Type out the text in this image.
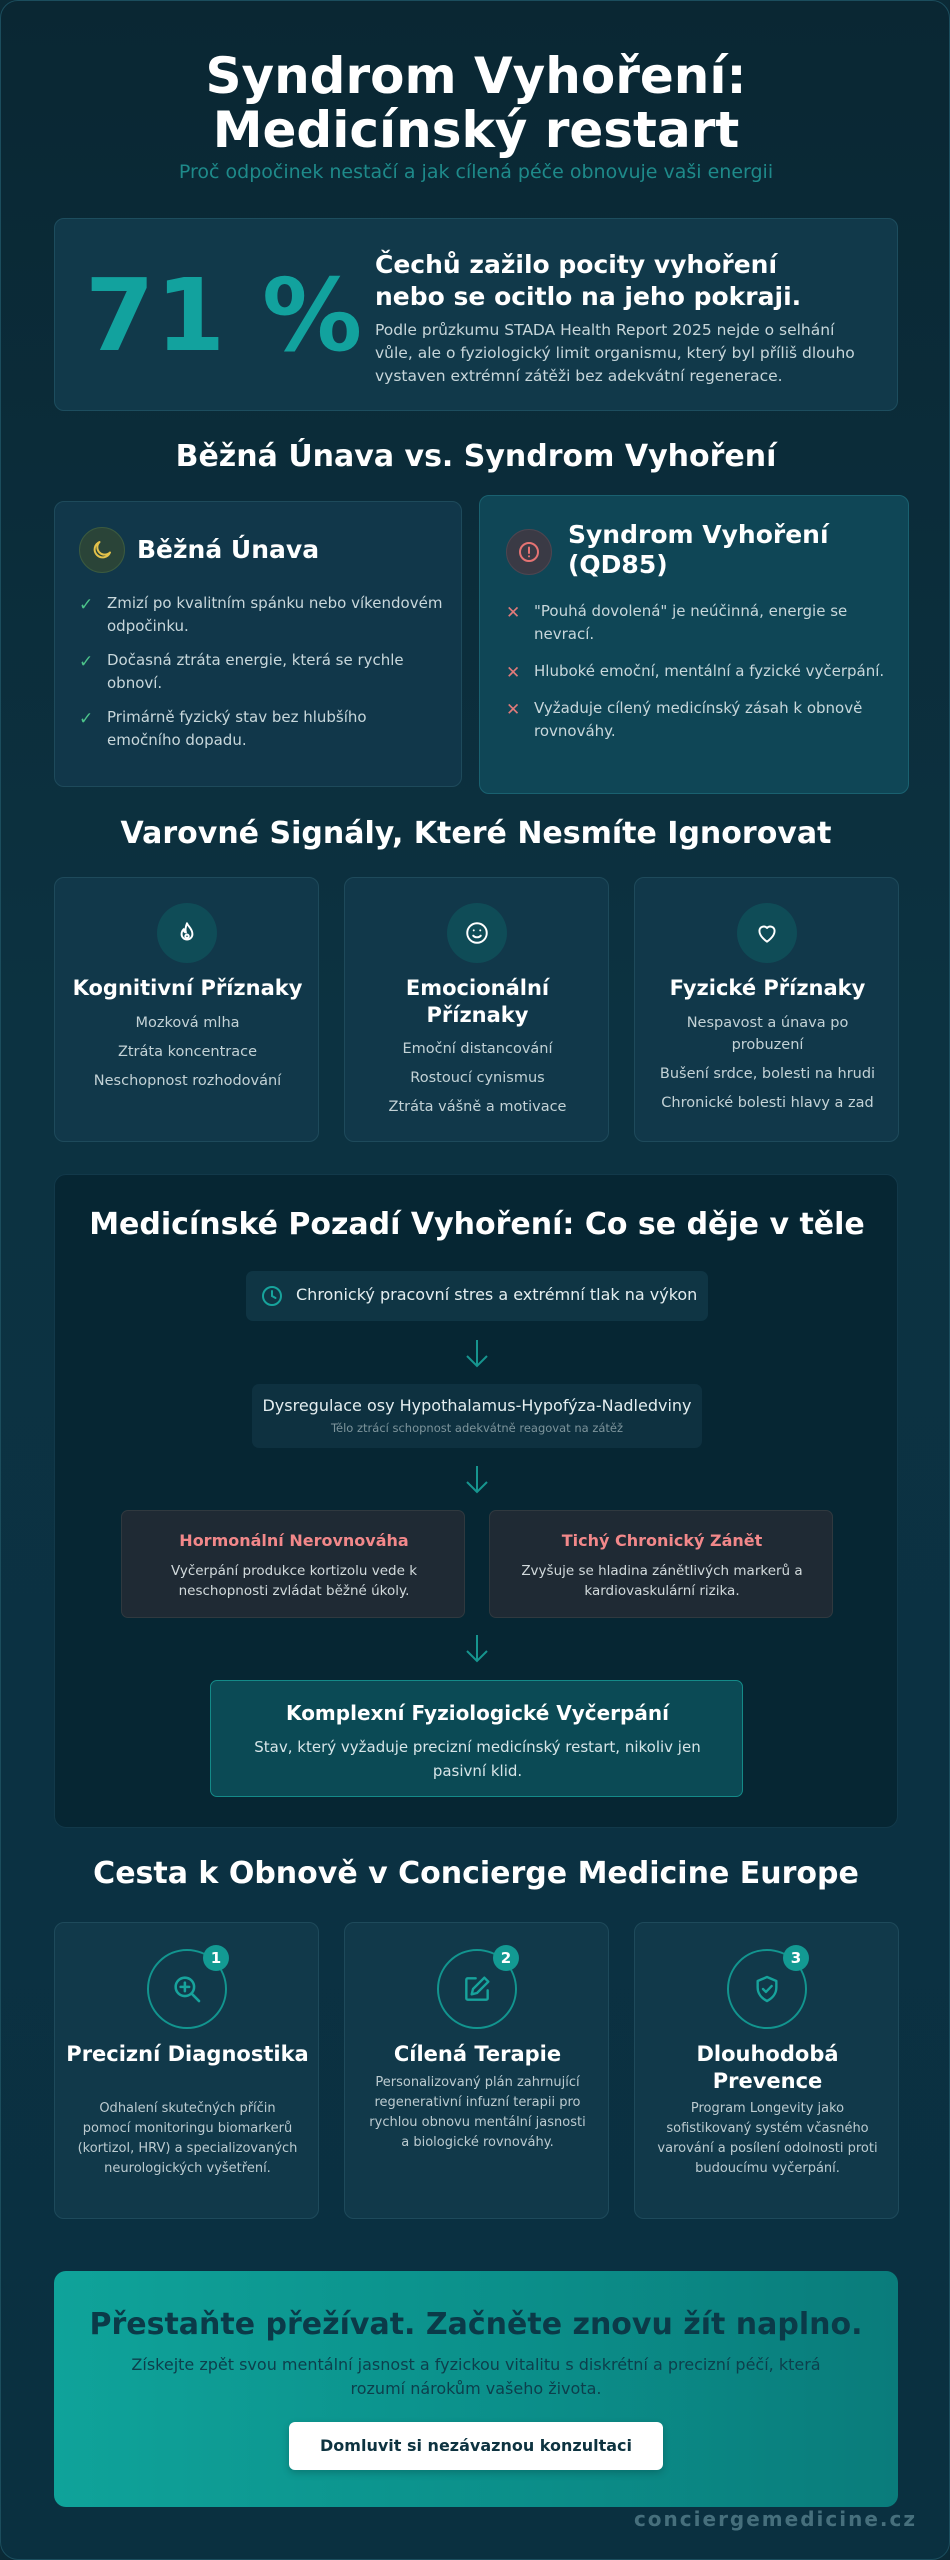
Syndrom Vyhoření: Medicínský restart
Proč odpočinek nestačí a jak cílená péče obnovuje vaši energii
71 % Čechů zažilo pocity vyhoření nebo se ocitlo na jeho pokraji.
Podle průzkumu STADA Health Report 2025 nejde o selhání vůle, ale o fyziologický limit organismu, který byl příliš dlouho vystaven extrémní zátěži bez adekvátní regenerace.
Běžná Únava vs. Syndrom Vyhoření
Běžná Únava
✓ Zmizí po kvalitním spánku nebo víkendovém odpočinku.
✓ Dočasná ztráta energie, která se rychle obnoví.
✓ Primárně fyzický stav bez hlubšího emočního dopadu.
Syndrom Vyhoření (QD85)
✕ "Pouhá dovolená" je neúčinná, energie se nevrací.
✕ Hluboké emoční, mentální a fyzické vyčerpání.
✕ Vyžaduje cílený medicínský zásah k obnově rovnováhy.
Varovné Signály, Které Nesmíte Ignorovat
Kognitivní Příznaky
Mozková mlha
Ztráta koncentrace
Neschopnost rozhodování
Emocionální Příznaky
Emoční distancování
Rostoucí cynismus
Ztráta vášně a motivace
Fyzické Příznaky
Nespavost a únava po probuzení
Bušení srdce, bolesti na hrudi
Chronické bolesti hlavy a zad
Medicínské Pozadí Vyhoření: Co se děje v těle
Chronický pracovní stres a extrémní tlak na výkon
Dysregulace osy Hypothalamus-Hypofýza-Nadledviny
Tělo ztrácí schopnost adekvátně reagovat na zátěž
Hormonální Nerovnováha
Vyčerpání produkce kortizolu vede k neschopnosti zvládat běžné úkoly.
Tichý Chronický Zánět
Zvyšuje se hladina zánětlivých markerů a kardiovaskulární rizika.
Komplexní Fyziologické Vyčerpání
Stav, který vyžaduje precizní medicínský restart, nikoliv jen pasivní klid.
Cesta k Obnově v Concierge Medicine Europe
1
Precizní Diagnostika
Odhalení skutečných příčin pomocí monitoringu biomarkerů (kortizol, HRV) a specializovaných neurologických vyšetření.
2
Cílená Terapie
Personalizovaný plán zahrnující regenerativní infuzní terapii pro rychlou obnovu mentální jasnosti a biologické rovnováhy.
3
Dlouhodobá Prevence
Program Longevity jako sofistikovaný systém včasného varování a posílení odolnosti proti budoucímu vyčerpání.
Přestaňte přežívat. Začněte znovu žít naplno.
Získejte zpět svou mentální jasnost a fyzickou vitalitu s diskrétní a precizní péčí, která rozumí nárokům vašeho života.
Domluvit si nezávaznou konzultaci
conciergemedicine.cz
